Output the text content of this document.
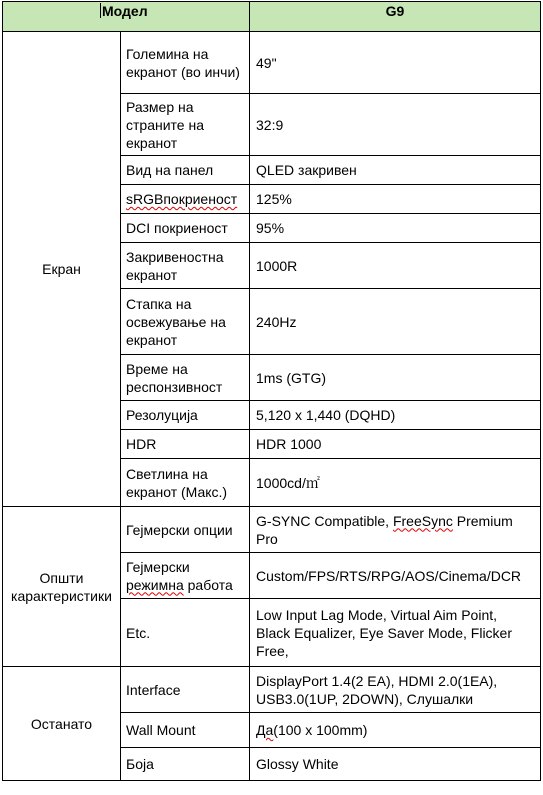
Модел		G9
Екран	Големина на екранот (во инчи)	49"
	Размер на страните на екранот	32:9
	Вид на панел	QLED закривен
	sRGBпокриеност	125%
	DCI покриеност	95%
	Закривеностна екранот	1000R
	Стапка на освежување на екранот	240Hz
	Време на респонзивност	1ms (GTG)
	Резолуција	5,120 x 1,440 (DQHD)
	HDR	HDR 1000
	Светлина на екранот (Макс.)	1000cd/㎡
Општи карактеристики	Гејмерски опции	G-SYNC Compatible, FreeSync Premium Pro
	Гејмерски режимна работа	Custom/FPS/RTS/RPG/AOS/Cinema/DCR
	Etc.	Low Input Lag Mode, Virtual Aim Point, Black Equalizer, Eye Saver Mode, Flicker Free,
Останато	Interface	DisplayPort 1.4(2 EA), HDMI 2.0(1EA), USB3.0(1UP, 2DOWN), Слушалки
	Wall Mount	Да(100 x 100mm)
	Боја	Glossy White
